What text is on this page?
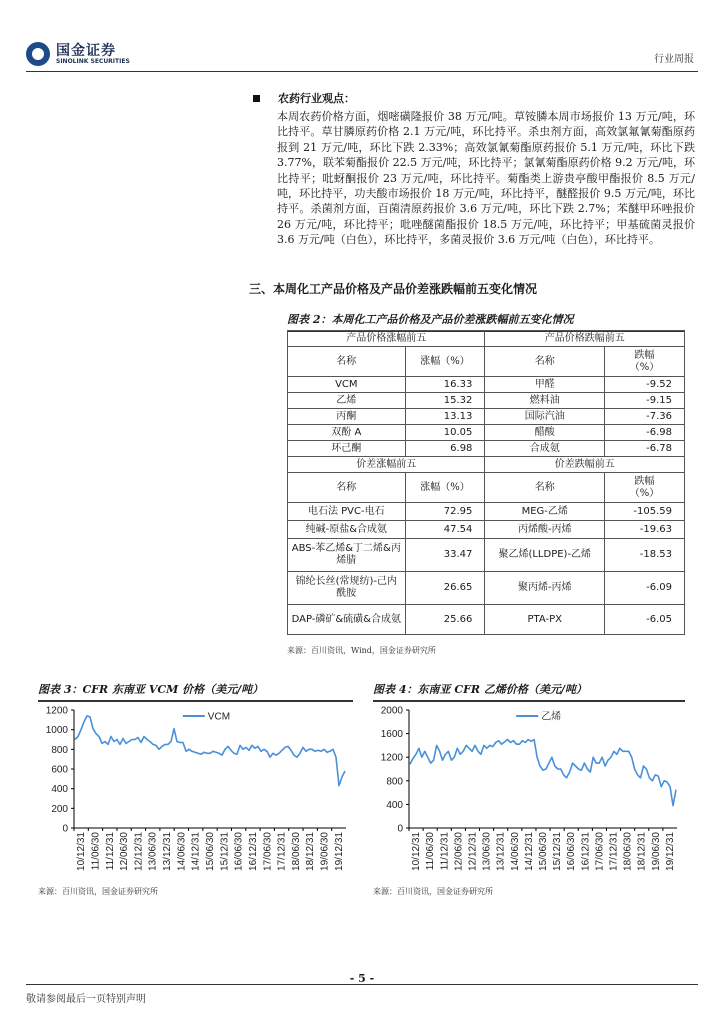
国金证券
SINOLINK SECURITIES	行业周报
农药行业观点：
本周农药价格方面，烟嘧磺隆报价 38 万元/吨。草铵膦本周市场报价 13 万元/吨，环比持平。草甘膦原药价格 2.1 万元/吨，环比持平。杀虫剂方面，高效氯氟氰菊酯原药报到 21 万元/吨，环比下跌 2.33%；高效氯氰菊酯原药报价 5.1 万元/吨，环比下跌 3.77%，联苯菊酯报价 22.5 万元/吨，环比持平；氯氰菊酯原药价格 9.2 万元/吨，环比持平；吡蚜酮报价 23 万元/吨，环比持平。菊酯类上游贵亭酸甲酯报价 8.5 万元/吨，环比持平，功夫酸市场报价 18 万元/吨，环比持平，醚醛报价 9.5 万元/吨，环比持平。杀菌剂方面，百菌清原药报价 3.6 万元/吨，环比下跌 2.7%；苯醚甲环唑报价 26 万元/吨，环比持平；吡唑醚菌酯报价 18.5 万元/吨，环比持平；甲基硫菌灵报价 3.6 万元/吨（白色），环比持平，多菌灵报价 3.6 万元/吨（白色），环比持平。
三、本周化工产品价格及产品价差涨跌幅前五变化情况
图表 2：本周化工产品价格及产品价差涨跌幅前五变化情况
产品价格涨幅前五		产品价格跌幅前五	
名称	涨幅（%）	名称	跌幅
（%）
VCM	16.33	甲醛	-9.52
乙烯	15.32	燃料油	-9.15
丙酮	13.13	国际汽油	-7.36
双酚 A	10.05	醋酸	-6.98
环己酮	6.98	合成氨	-6.78
价差涨幅前五		价差跌幅前五	
名称	涨幅（%）	名称	跌幅
（%）
电石法 PVC-电石	72.95	MEG-乙烯	-105.59
纯碱-原盐&合成氨	47.54	丙烯酸-丙烯	-19.63
ABS-苯乙烯&丁二烯&丙烯腈	33.47	聚乙烯(LLDPE)-乙烯	-18.53
锦纶长丝(常规纺)-己内酰胺	26.65	聚丙烯-丙烯	-6.09
DAP-磷矿&硫磺&合成氨	25.66	PTA-PX	-6.05
来源：百川资讯，Wind，国金证券研究所
图表 3：CFR 东南亚 VCM 价格（美元/吨）
0
200
400
600
800
1000
1200
10/12/31 11/06/30 11/12/31 12/06/30 12/12/31 13/06/30 13/12/31 14/06/30 14/12/31 15/06/30 15/12/31 16/06/30 16/12/31 17/06/30 17/12/31 18/06/30 18/12/31 19/06/30 19/12/31
VCM
来源：百川资讯，国金证券研究所
图表 4：东南亚 CFR 乙烯价格（美元/吨）
0
400
800
1200
1600
2000
10/12/31 11/06/30 11/12/31 12/06/30 12/12/31 13/06/30 13/12/31 14/06/30 14/12/31 15/06/30 15/12/31 16/06/30 16/12/31 17/06/30 17/12/31 18/06/30 18/12/31 19/06/30 19/12/31
乙烯
来源：百川资讯，国金证券研究所
- 5 -
敬请参阅最后一页特别声明
